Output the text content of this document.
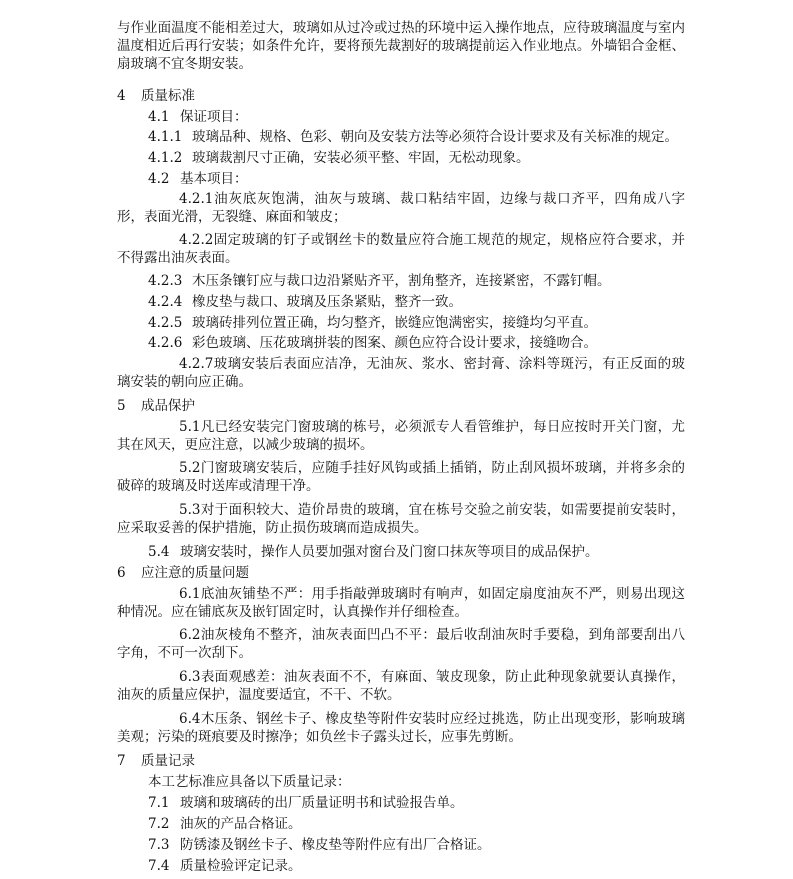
与作业面温度不能相差过大，玻璃如从过冷或过热的环境中运入操作地点，应待玻璃温度与室内温度相近后再行安装；如条件允许，要将预先裁割好的玻璃提前运入作业地点。外墙铝合金框、扇玻璃不宜冬期安装。
4 质量标准
4.1 保证项目：
4.1.1 玻璃品种、规格、色彩、朝向及安装方法等必须符合设计要求及有关标准的规定。
4.1.2 玻璃裁割尺寸正确，安装必须平整、牢固，无松动现象。
4.2 基本项目：
4.2.1油灰底灰饱满，油灰与玻璃、裁口粘结牢固，边缘与裁口齐平，四角成八字形，表面光滑，无裂缝、麻面和皱皮；
4.2.2固定玻璃的钉子或钢丝卡的数量应符合施工规范的规定，规格应符合要求，并不得露出油灰表面。
4.2.3 木压条镶钉应与裁口边沿紧贴齐平，割角整齐，连接紧密，不露钉帽。
4.2.4 橡皮垫与裁口、玻璃及压条紧贴，整齐一致。
4.2.5 玻璃砖排列位置正确，均匀整齐，嵌缝应饱满密实，接缝均匀平直。
4.2.6 彩色玻璃、压花玻璃拼装的图案、颜色应符合设计要求，接缝吻合。
4.2.7玻璃安装后表面应洁净，无油灰、浆水、密封膏、涂料等斑污，有正反面的玻璃安装的朝向应正确。
5 成品保护
5.1凡已经安装完门窗玻璃的栋号，必须派专人看管维护，每日应按时开关门窗，尤其在风天，更应注意，以减少玻璃的损坏。
5.2门窗玻璃安装后，应随手挂好风钩或插上插销，防止刮风损坏玻璃，并将多余的破碎的玻璃及时送库或清理干净。
5.3对于面积较大、造价昂贵的玻璃，宜在栋号交验之前安装，如需要提前安装时，应采取妥善的保护措施，防止损伤玻璃而造成损失。
5.4 玻璃安装时，操作人员要加强对窗台及门窗口抹灰等项目的成品保护。
6 应注意的质量问题
6.1底油灰铺垫不严：用手指敲弹玻璃时有响声，如固定扇度油灰不严，则易出现这种情况。应在铺底灰及嵌钉固定时，认真操作并仔细检查。
6.2油灰棱角不整齐，油灰表面凹凸不平：最后收刮油灰时手要稳，到角部要刮出八字角，不可一次刮下。
6.3表面观感差：油灰表面不不，有麻面、皱皮现象，防止此种现象就要认真操作，油灰的质量应保护，温度要适宜，不干、不软。
6.4木压条、钢丝卡子、橡皮垫等附件安装时应经过挑选，防止出现变形，影响玻璃美观；污染的斑痕要及时擦净；如负丝卡子露头过长，应事先剪断。
7 质量记录
本工艺标准应具备以下质量记录：
7.1 玻璃和玻璃砖的出厂质量证明书和试验报告单。
7.2 油灰的产品合格证。
7.3 防锈漆及钢丝卡子、橡皮垫等附件应有出厂合格证。
7.4 质量检验评定记录。
